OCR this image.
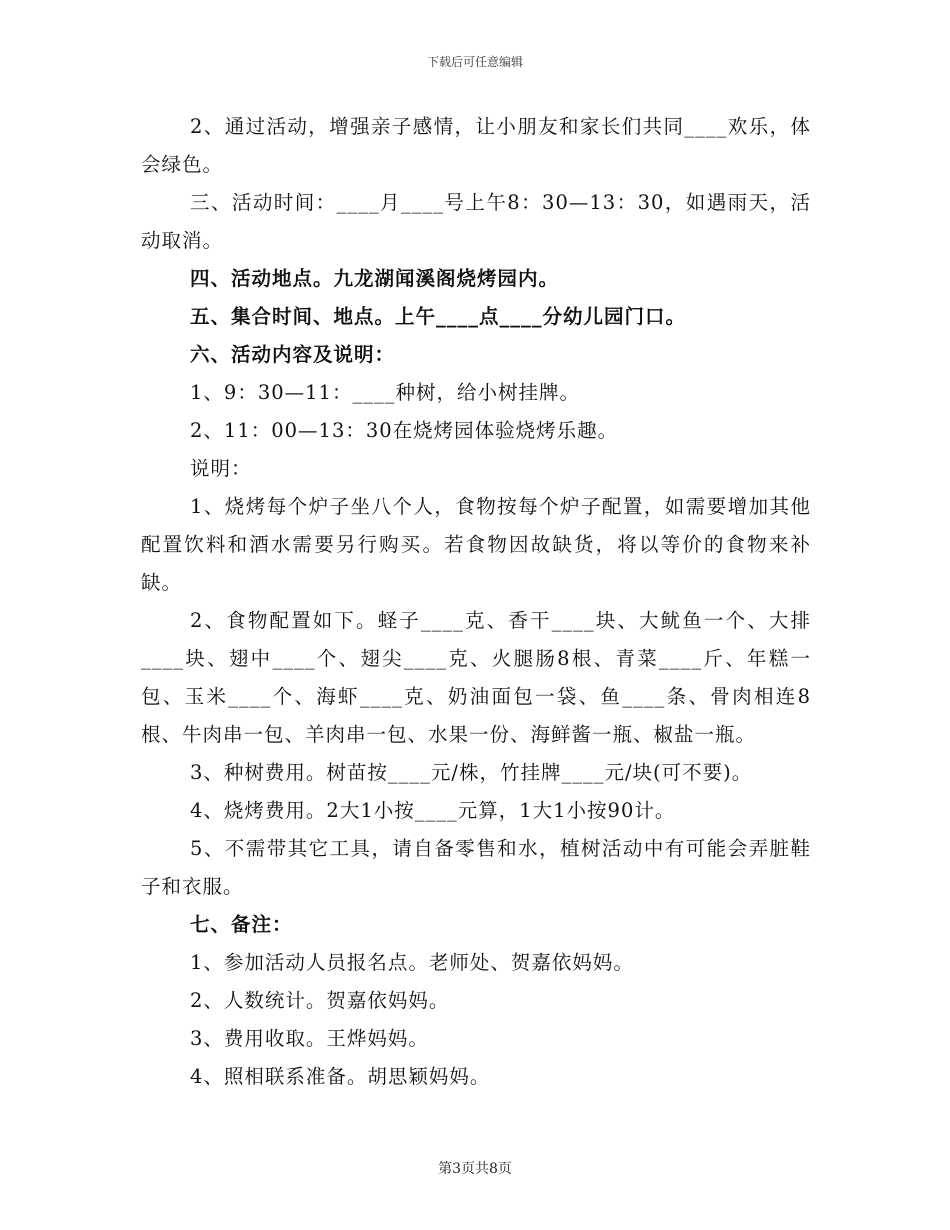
下载后可任意编辑

2、通过活动，增强亲子感情，让小朋友和家长们共同____欢乐，体会绿色。

三、活动时间：____月____号上午8：30—13：30，如遇雨天，活动取消。

四、活动地点。九龙湖闻溪阁烧烤园内。

五、集合时间、地点。上午____点____分幼儿园门口。

六、活动内容及说明：

1、9：30—11：____种树，给小树挂牌。

2、11：00—13：30在烧烤园体验烧烤乐趣。

说明：

1、烧烤每个炉子坐八个人，食物按每个炉子配置，如需要增加其他配置饮料和酒水需要另行购买。若食物因故缺货，将以等价的食物来补缺。

2、食物配置如下。蛏子____克、香干____块、大鱿鱼一个、大排____块、翅中____个、翅尖____克、火腿肠8根、青菜____斤、年糕一包、玉米____个、海虾____克、奶油面包一袋、鱼____条、骨肉相连8根、牛肉串一包、羊肉串一包、水果一份、海鲜酱一瓶、椒盐一瓶。

3、种树费用。树苗按____元/株，竹挂牌____元/块(可不要)。

4、烧烤费用。2大1小按____元算，1大1小按90计。

5、不需带其它工具，请自备零售和水，植树活动中有可能会弄脏鞋子和衣服。

七、备注：

1、参加活动人员报名点。老师处、贺嘉依妈妈。

2、人数统计。贺嘉依妈妈。

3、费用收取。王烨妈妈。

4、照相联系准备。胡思颖妈妈。

第3页共8页
